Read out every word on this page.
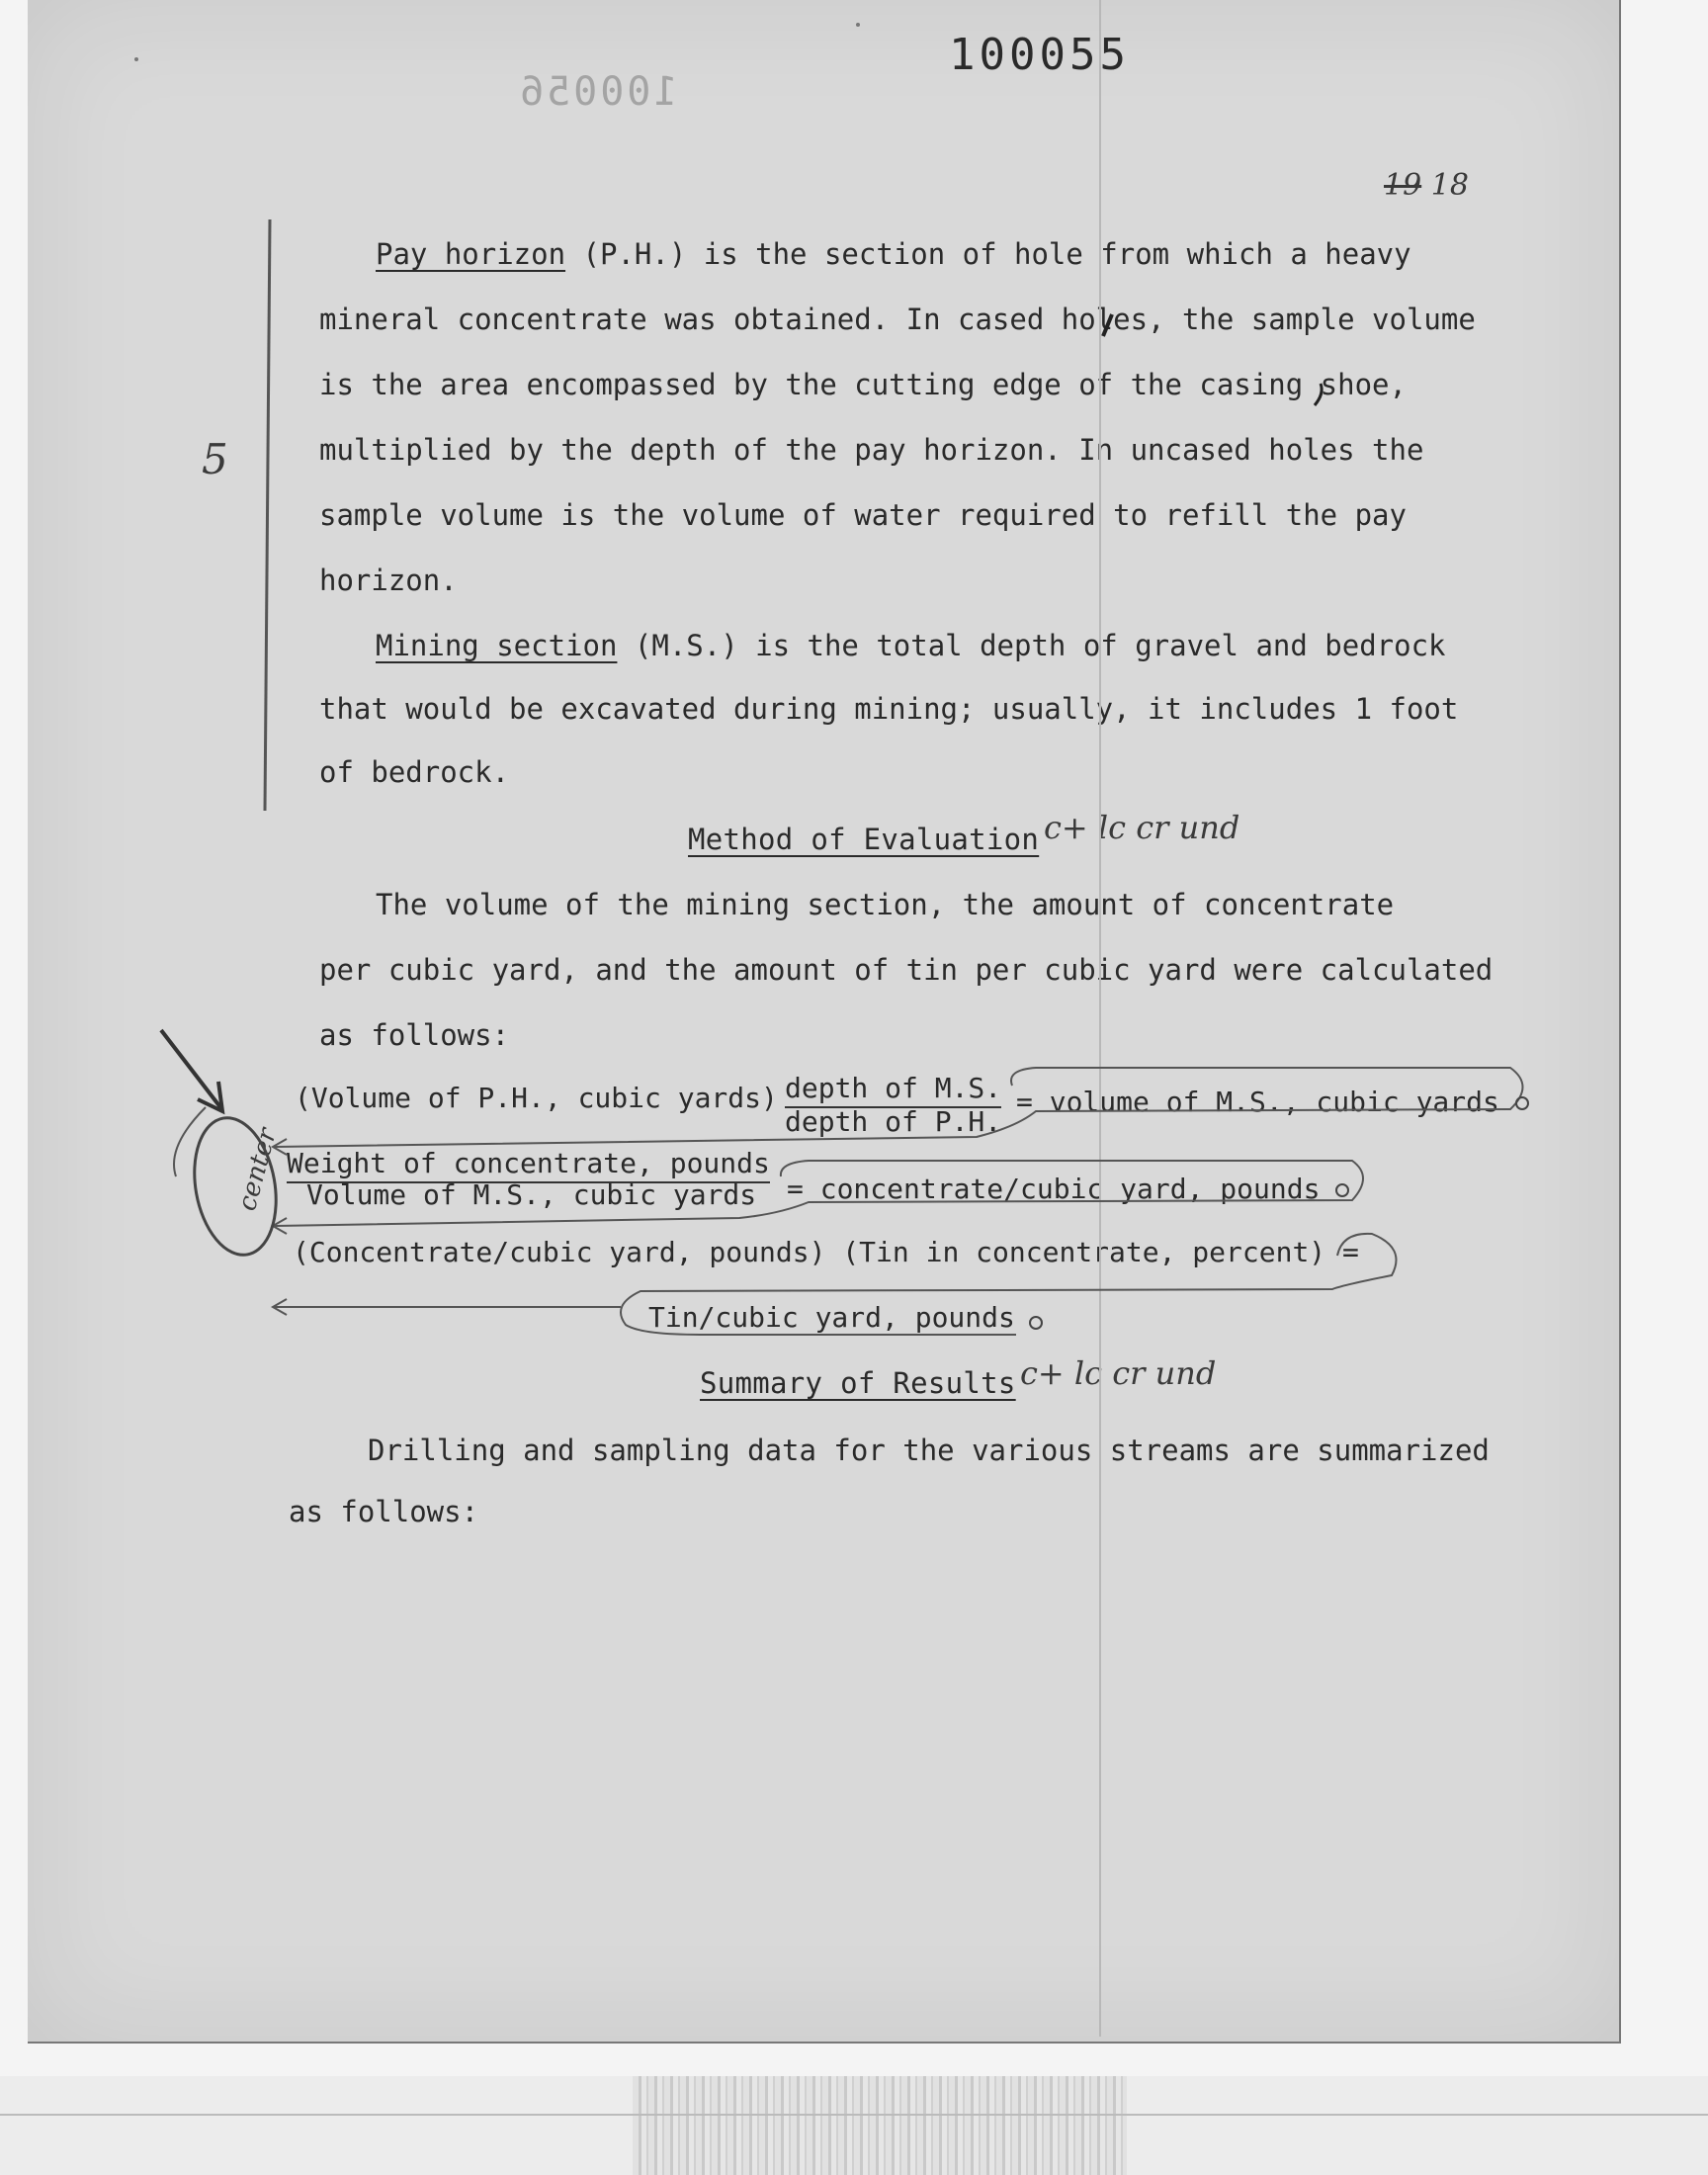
100055
100056
19 18
5
Pay horizon (P.H.) is the section of hole from which a heavy
mineral concentrate was obtained. In cased holes, the sample volume
is the area encompassed by the cutting edge of the casing shoe,
multiplied by the depth of the pay horizon. In uncased holes the
sample volume is the volume of water required to refill the pay
horizon.
Mining section (M.S.) is the total depth of gravel and bedrock
that would be excavated during mining; usually, it includes 1 foot
of bedrock.
Method of Evaluation c+ lc cr und
The volume of the mining section, the amount of concentrate
per cubic yard, and the amount of tin per cubic yard were calculated
as follows:
(Volume of P.H., cubic yards) depth of M.S.
depth of P.H.
= volume of M.S., cubic yards
Weight of concentrate, pounds
Volume of M.S., cubic yards = concentrate/cubic yard, pounds
(Concentrate/cubic yard, pounds) (Tin in concentrate, percent) =
Tin/cubic yard, pounds
center
Summary of Results c+ lc cr und
Drilling and sampling data for the various streams are summarized
as follows:
